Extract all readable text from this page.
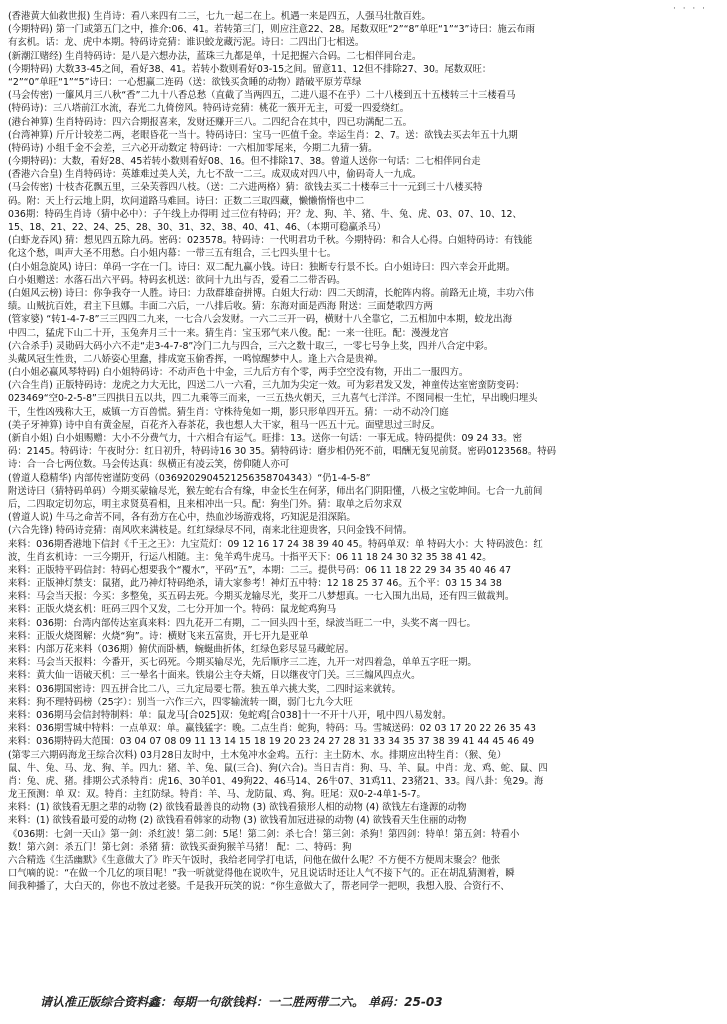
· · · ·
(香港黄大仙救世报) 生肖诗：看八来四有二三，七九一起二在上。机遇一来是四五，人强马壮散百姓。
(今期特码) 第一门或第五门之中，推介:06、41。若转第三门，则应注意22、28。尾数双旺“2”“8”单旺“1”“3”诗曰：施云布雨
有玄机。话：龙、虎中本期。特码诗竞猜：谁识蛟龙藏污泥。诗曰：二四出门七相送。
(新潮江赌经) 生肖特码诗：是八是六想办法，蓝珠三九都是单，十足把握六合码。二七相伴同台走。
(今期特码) 大数33-45之间，看好38、41。若转小数则看好03-15之间。留意11、12但不排除27、30。尾数双旺：
“2”“0”单旺“1”“5”诗曰：一心想赢二连码（送：欲钱买贪睡的动物）踏破平原芳草绿
(马会传密) 一簾风月三八秋“香”二九十八香总愁（直截了当两四五，二进八退不在乎）二十八楼到五十五楼转三十三楼看马
(特码诗)：三八塔前江水流，春光二九倚傍风。特码诗竞猜：桃花一簇开无主，可爱一四爱绕红。
(港台神算) 生肖特码诗：四六合期报喜来，发财还赚开三八。二四纪合在其中，四已功满配二五。
(台湾神算) 斤斤计较差二两，老眼昏花一当十。特码诗曰：宝马一匹值千金。幸运生肖：2、7。送：欲钱去买去年五十九期
(特码诗) 小组千金不会差，三六必开动数定 特码诗：一六相加零尾来，今期二九猜一猜。
(今期特码)：大数，看好28、45若转小数则看好08、16。但不排除17、38。曾道人送你一句话：二七相伴同台走
(香港六合皇) 生肖特码诗：英雄难过美人关，九七不敌一二三。成双成对四八中，偷码奇人一九成。
(马会传密) 十枝杏花飘五里，三朵芙蓉四八枝。（送：二六进两格）猜：欲钱去买二十楼奉三十一元到三十八楼买特
码。附：天上行云地上阴，坎问道路马难回。诗曰：正数二三取四藏，懒懒惰惰也中二
036期：特码生肖诗（猜中必中）：子午线上办得明 过三位有特码；开？龙、狗、羊、猪、牛、兔、虎、03、07、10、12、
15、18、21、22、24、25、28、30、31、32、38、40、41、46、（本期可稳赢杀马）
(白虾龙吞风) 猜：想见四五除九码。密码：023578。特码诗：一代明君功千秋。今期特码：和合人心得。白姐特码诗：有钱能
化这个愁，叫声大圣不用愁。白小姐内幕：一带三五有组合，三七四头里十七。
(白小姐急旋风) 诗曰：单码一字在一门。诗曰：双二配九赢小钱。诗曰：独断专行景不长。白小姐诗曰：四六幸会开此期。
白小姐赠送：水落石出六平码。特码玄机送：欲问十九出与否，爱看二二带否码。
(白姐风云榜) 诗曰：你争我夺一人胜。诗曰：力敌群雄奋拼博。白姐大行动：四二天朗清，长舵阵内将。前路无止境，丰功六伟
绩。山贼抗百姓，君主下旦娜。丰面二六后，一八排后收。猜：东海对面是西海 附送：三面楚歌四方两
(管家婆) “转1-4-7-8”三三四四二九来，一七合八会发财。一六二三开一码，横财十八全靠它，二五相加中本期，蛟龙出海
中四二，猛虎下山二十开，玉兔奔月三十一来。猜生肖：宝玉邪气来八俊。配：一来一往旺。配：漫漫龙宫
(六合杀手) 灵勋码大码小六不走“走3-4-7-8”冷门二九与四合，三六之数十取三，一零七号争上奖，四并八合定中彩。
头戴风冠生性贵，二八娇姿心里蠢，排成宽玉偷香挥，一鸣惊醒梦中人。逢上六合是贵禅。
(白小姐必赢风琴特码) 白小姐特码诗：不动声色十中金，三九后方有个零，两手空空没有物，开出二一服四方。
(六合生肖) 正版特码诗：龙虎之力大无比，四送二八一六看，三九加为尖定一效。可为彩君发又发，神童传达室密蛮防变码：
023469“空0-2-5-8”三四拱日五以共，四二九乘等三而来，一三五热火朝天，三九喜气七洋洋。不图同根一生忙，早出晚归埋头
干，生性凶残称大王，威镇一方百兽慌。猜生肖：守株待兔如一期，影只形单四开五。猜：一动不动冷门庭
(美子牙神算) 诗中自有黄金屋，百花齐入春茶花，我也想人大干家，租马一匹五十元。面壁思过三时反。
(新自小姐) 白小姐赐赠：大小不分费气力，十六相合有运气。旺排：13。送你一句话：一事无成。特码提供：09 24 33。密
码：2145。特码诗：午夜时分：红日初升，特码诗16 30 35。猜特码诗：磨步相仍死不前，唱酬无复见前贤。密码0123568。特码
诗：合一合七两位数。马会传达真：纵横正有凌云笑，傍仰随人亦可
(曾道人稳精华) 内部传密谨防变码（0369202904521256358704343）“仍1-4-5-8”
附送诗曰（猜特码单码）今期买蒙输尽光，猴左蛇右合有缘，申金长生在何茅，师出名门阴阳懂，八极之宝乾坤间。七合一九前间
后，二四取定切勿忘，明主求贤莫看相，且来相冲出一只。配：狗坐门外。猜：取单之后勿求双
(曾道人说) 牛马之命苦不同，各有劲方在心中，热血沙场游戏将，巧知泥是泪深陷。
(六合先锋) 特码诗竞猜：南风吹来满枝是。红红绿绿尽不同，南来北往迎贵客，只问金钱不问情。
来料：036期香港地下信封《千王之王》：九宝荒灯：09 12 16 17 24 38 39 40 45。特码单双：单 特码大小：大 特码波色：红
波，生肖玄机诗：一三今期开，行运八相随。主：兔羊鸡牛虎马。十指平天下：06 11 18 24 30 32 35 38 41 42。
来料：正版特平码信封：特码心想要我个“覆水”，平码“五”，本期：二三。提供号码：06 11 18 22 29 34 35 40 46 47
来料：正版神灯禁支：鼠猪，此乃神灯特码绝杀，请大家参考！神灯五中特：12 18 25 37 46。五个平：03 15 34 38
来料：马会当天报：今买：多整兔，买五码去死。今期买龙输尽光，奖开二八梦想真。一七入围九出局，还有四三做裁判。
来料：正版火烧玄机：旺码三四个又发，二七分开加一个。特码：鼠龙蛇鸡狗马
来料：036期：台湾内部传达室真来料：四九花开二有期，二一回头四十至，绿波当旺二一中，头奖不离一四七。
来料：正版火烧图解：火烧“狗”。诗：横财飞来五富贵，开七开九是亚单
来料：内部万花来料（036期）俯伏而卧栖，蜿蜒曲折体，红绿色彩尽显马藏蛇居。
来料：马会当天报料：今番开，买七码死。今期买输尽光，先后顺序三二连，九开一对四着急，单单五字旺一期。
来料：黄大仙一语破天机：三一晕名十面来。铁扇公主夺夫婿，日以继夜守门关。三三煽风四点火。
来料：036期国密诗：四五拼合比二八，三九定局要七帮。独五单六挑大奖，二四时运来就转。
来料：狗不理特码榜（25字）：别当一六作三六，四零输流转一圈，弱门七九今大旺
来料：036期马会信封特制料：单：鼠龙马[合025]双：兔蛇鸡[合038]十一不开十八开，吼中四八易发射。
来料：036期雪城中特料：一点单双：单。赢钱猛字：晚。二点生肖：蛇狗，特码：马。雪城送码：02 03 17 20 22 26 35 43
来料：036期特码大范围：03 04 07 08 09 11 13 14 15 18 19 20 23 24 27 28 31 33 34 35 37 38 39 41 44 45 46 49
(第零三六期码海龙王综合次料) 03月28日友时中，土木兔冲水金鸡。五行：主土防木、水。排期应出特生肖：（猴、兔）
鼠、牛、兔、马、龙、狗、羊。四九：猪、羊、兔、鼠(三合)、狗(六合)。当日吉肖：狗、马、羊、鼠。中肖：龙、鸡、蛇、鼠、四
肖：兔、虎、猪。排期公式杀特肖：虎16、30羊01、49狗22、46马14、26牛07、31鸡11、23猪21、33。闯八卦：兔29。海
龙王预测：单 双：双。特肖：主红防绿。特肖：羊、马、龙防鼠、鸡、狗。旺尾：双0-2-4单1-5-7。
来料：(1) 欲钱看无胆之辈的动物 (2) 欲钱看最善良的动物 (3) 欲钱看猿形人相的动物 (4) 欲钱左右逢源的动物
来料：(1) 欲钱看最可爱的动物 (2) 欲钱看看韩家的动物 (3) 欲钱看加冠进禄的动物 (4) 欲钱看天生住丽的动物
《036期：七剑一天山》第一剑：杀红波！第二剑：5尾！第二剑：杀七合！第三剑：杀狗！第四剑：特单！第五剑：特看小
数！第六剑：杀五门！第七剑：杀猪 猜：欲钱买蚕狗猴羊马猪！ 配：二、特码：狗
六合精选《生活幽默》《生意做大了》昨天午饭时，我给老同学打电话，问他在做什么呢？不方便不方便周末聚会？他张
口气嘀的说：“在做一个几亿的项目呢！”我一听就觉得他在说吹牛，兄且说话时还让人气不接下气的。正在胡乱猜测着，瞬
间我种播了，大白天的，你也不放过老婆。千是我开玩笑的说：“你生意做大了，帮老同学一把呗，我想入股、合资行不、
请认准正版综合资料鑫：每期一句欲钱料：一二胜两带二六。 单码：25-03
